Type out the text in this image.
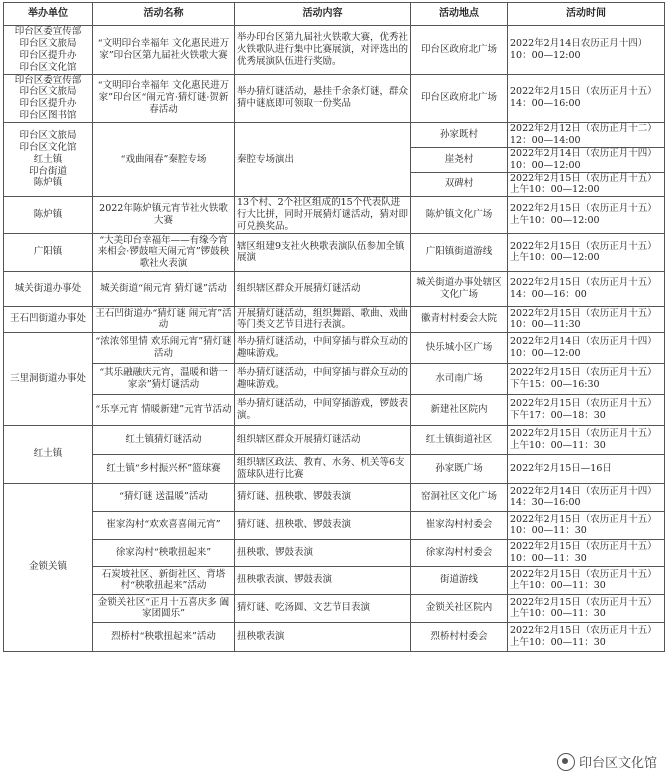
举办单位	活动名称	活动内容	活动地点	活动时间
印台区委宣传部
印台区文旅局
印台区提升办
印台区文化馆	“文明印台幸福年 文化惠民进万家”印台区第九届社火铁歌大赛	举办印台区第九届社火铁歌大赛，优秀社火铁歌队进行集中比赛展演，对评选出的优秀展演队伍进行奖励。	印台区政府北广场	2022年2月14日农历正月十四）10：00—12:00
印台区委宣传部
印台区文旅局
印台区提升办
印台区图书馆	“文明印台幸福年 文化惠民进万家”印台区“闹元宵·猜灯谜·贺新春活动	举办猜灯谜活动，悬挂千余条灯谜，群众猜中谜底即可领取一份奖品	印台区政府北广场	2022年2月15日（农历正月十五）14：00—16:00
印台区文旅局
印台区文化馆
红土镇
印台街道
陈炉镇	“戏曲闹春”秦腔专场	秦腔专场演出	孙家既村	2022年2月12日（农历正月十二）12：00—14:00
			崖尧村	2022年2月14日（农历正月十四）10：00—12:00
			双碑村	2022年2月15日（农历正月十五）上午10：00—12:00
陈炉镇	2022年陈炉镇元宵节社火铁歌大赛	13个村、2个社区组成的15个代表队进行大比拼，同时开展猜灯谜活动，猜对即可兑换奖品。	陈炉镇文化广场	2022年2月15日（农历正月十五）上午10：00—12:00
广阳镇	“大美印台幸福年——有缘今宵来相会·锣鼓喧天闹元宵”锣鼓秧歌社火表演	辖区组建9支社火秧歌表演队伍参加全镇展演	广阳镇街道游线	2022年2月15日（农历正月十五）上午10：00—12:00
城关街道办事处	城关街道“闹元宵 猜灯谜”活动	组织辖区群众开展猜灯谜活动	城关街道办事处辖区文化广场	2022年2月15日（农历正月十五）14：00—16：00
王石凹街道办事处	王石凹街道办“猜灯谜 闹元宵”活动	开展猜灯谜活动，组织舞蹈、歌曲、戏曲等门类文艺节目进行表演。	徽青村村委会大院	2022年2月15日（农历正月十五）10：00—11:30
三里洞街道办事处	“浓浓邻里情 欢乐闹元宵”猜灯谜活动	举办猜灯谜活动，中间穿插与群众互动的趣味游戏。	快乐城小区广场	2022年2月14日（农历正月十四）10：00—12:00
	“其乐融融庆元宵，温暖和谐一家亲”猜灯谜活动	举办猜灯谜活动，中间穿插与群众互动的趣味游戏。	水司南广场	2022年2月15日（农历正月十五）下午15：00—16:30
	“乐享元宵 情暖新建”元宵节活动	举办猜灯谜活动，中间穿插游戏，锣鼓表演。	新建社区院内	2022年2月15日（农历正月十五）下午17：00—18：30
红土镇	红土镇猜灯谜活动	组织辖区群众开展猜灯谜活动	红土镇街道社区	2022年2月15日（农历正月十五）上午10：00—11：30
	红土镇“乡村振兴杯”篮球赛	组织辖区政法、教育、水务、机关等6支篮球队进行比赛	孙家既广场	2022年2月15日—16日
金锁关镇	“猜灯谜 送温暖”活动	猜灯谜、扭秧歌、锣鼓表演	窑洞社区文化广场	2022年2月14日（农历正月十四）14：30—16:00
	崔家沟村“欢欢喜喜闹元宵”	猜灯谜、扭秧歌、锣鼓表演	崔家沟村村委会	2022年2月15日（农历正月十五）10：00—11：30
	徐家沟村“秧歌扭起来”	扭秧歌、锣鼓表演	徐家沟村村委会	2022年2月15日（农历正月十五）10：00—11：30
	石炭坡社区、新街社区、背塔村“秧歌扭起来”活动	扭秧歌表演、锣鼓表演	街道游线	2022年2月15日（农历正月十五）上午10：00—11：30
	金锁关社区“正月十五喜庆多 阖家团圆乐”	猜灯谜、吃汤圆、文艺节目表演	金锁关社区院内	2022年2月15日（农历正月十五）上午10：00—11：30
	烈桥村“秧歌扭起来”活动	扭秧歌表演	烈桥村村委会	2022年2月15日（农历正月十五）上午10：00—11：30
印台区文化馆
